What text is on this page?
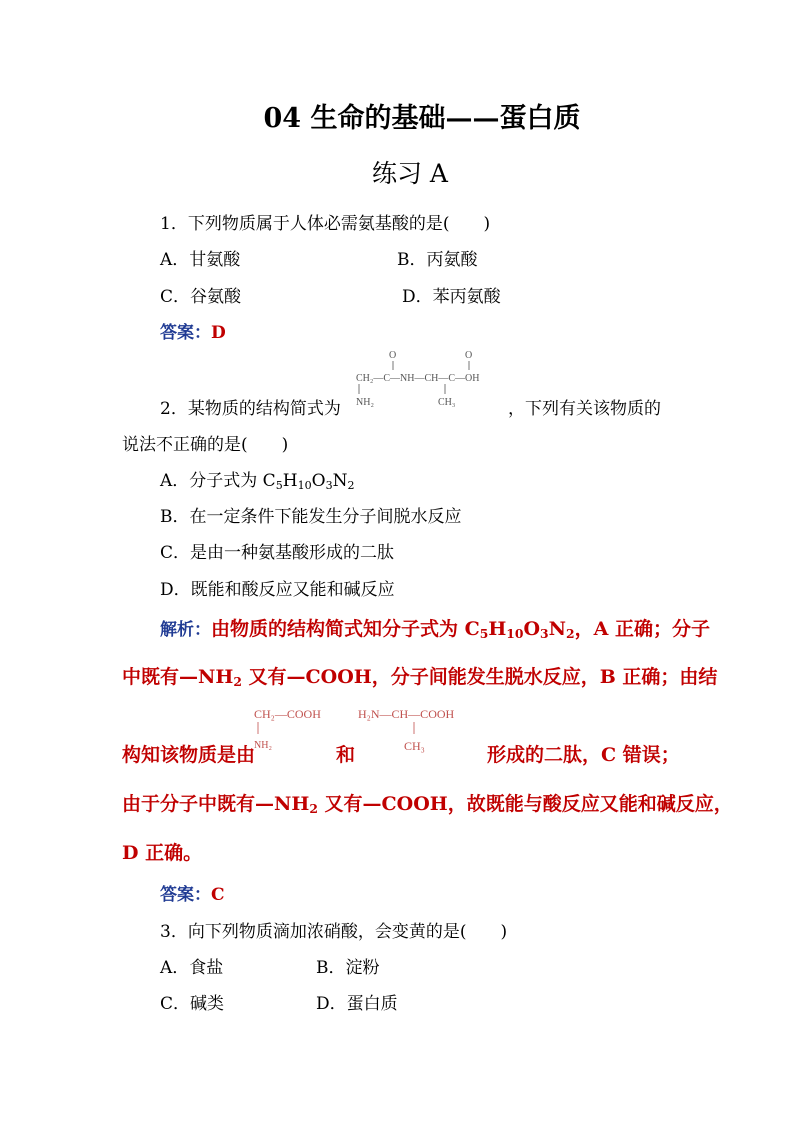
04 生命的基础——蛋白质
练习 A
1．下列物质属于人体必需氨基酸的是(　　)
A．甘氨酸	B．丙氨酸
C．谷氨酸	D．苯丙氨酸
答案：D
O	O
CH₂—C—NH—CH—C—OH
NH₂	CH₃
2．某物质的结构简式为	，下列有关该物质的
说法不正确的是(　　)
A．分子式为 $C_5H_{10}O_3N_2$
B．在一定条件下能发生分子间脱水反应
C．是由一种氨基酸形成的二肽
D．既能和酸反应又能和碱反应
解析：由物质的结构简式知分子式为 $C_5H_{10}O_3N_2$，A 正确；分子
中既有$—NH_2$ 又有—COOH，分子间能发生脱水反应，B 正确；由结
CH₂—COOH
NH₂
H₂N—CH—COOH
CH₃
构知该物质是由	和	形成的二肽，C 错误；
由于分子中既有$—NH_2$ 又有—COOH，故既能与酸反应又能和碱反应，
D 正确。
答案：C
3．向下列物质滴加浓硝酸，会变黄的是(　　)
A．食盐	B．淀粉
C．碱类	D．蛋白质
